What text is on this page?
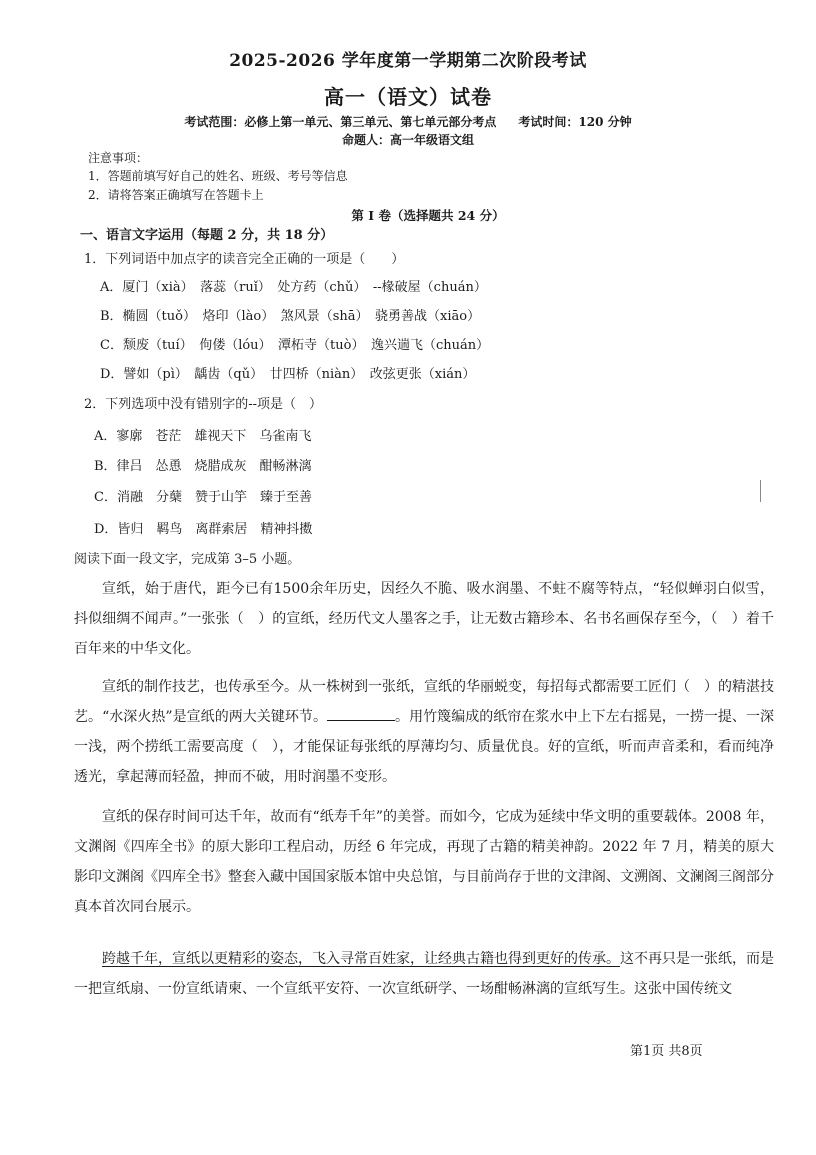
2025-2026 学年度第一学期第二次阶段考试
高一（语文）试卷
考试范围：必修上第一单元、第三单元、第七单元部分考点 考试时间：120 分钟
命题人：高一年级语文组
注意事项：
1．答题前填写好自己的姓名、班级、考号等信息
2．请将答案正确填写在答题卡上
第 I 卷（选择题共 24 分）
一、语言文字运用（每题 2 分，共 18 分）
1．下列词语中加点字的读音完全正确的一项是（　　）
A．厦门（xià）　落蕊（ruǐ）　处方药（chǔ）　--椽破屋（chuán）
B．椭圆（tuǒ）　烙印（lào）　煞风景（shā）　骁勇善战（xiāo）
C．颓废（tuí）　佝偻（lóu）　潭柘寺（tuò）　逸兴遄飞（chuán）
D．譬如（pì）　龋齿（qǔ）　廿四桥（niàn）　改弦更张（xián）
2．下列选项中没有错别字的--项是（　）
A．寥廓　苍茫　雄视天下　乌雀南飞
B．律吕　怂恿　烧腊成灰　酣畅淋漓
C．消融　分蘖　赞于山竽　臻于至善
D．皆归　羁鸟　离群索居　精神抖擞
阅读下面一段文字，完成第 3–5 小题。
宣纸，始于唐代，距今已有1500余年历史，因经久不脆、吸水润墨、不蛀不腐等特点，“轻似蝉羽白似雪，抖似细绸不闻声。”一张张（　）的宣纸，经历代文人墨客之手，让无数古籍珍本、名书名画保存至今，（　）着千百年来的中华文化。
宣纸的制作技艺，也传承至今。从一株树到一张纸，宣纸的华丽蜕变，每招每式都需要工匠们（　）的精湛技艺。“水深火热”是宣纸的两大关键环节。	。用竹篾编成的纸帘在浆水中上下左右摇晃，一捞一提、一深一浅，两个捞纸工需要高度（　），才能保证每张纸的厚薄均匀、质量优良。好的宣纸，听而声音柔和，看而纯净透光，拿起薄而轻盈，抻而不破，用时润墨不变形。
宣纸的保存时间可达千年，故而有“纸寿千年”的美誉。而如今，它成为延续中华文明的重要载体。2008 年，文渊阁《四库全书》的原大影印工程启动，历经 6 年完成，再现了古籍的精美神韵。2022 年 7 月，精美的原大影印文渊阁《四库全书》整套入藏中国国家版本馆中央总馆，与目前尚存于世的文津阁、文溯阁、文澜阁三阁部分真本首次同台展示。
跨越千年，宣纸以更精彩的姿态，飞入寻常百姓家，让经典古籍也得到更好的传承。这不再只是一张纸，而是一把宣纸扇、一份宣纸请柬、一个宣纸平安符、一次宣纸研学、一场酣畅淋漓的宣纸写生。这张中国传统文
第1页 共8页
